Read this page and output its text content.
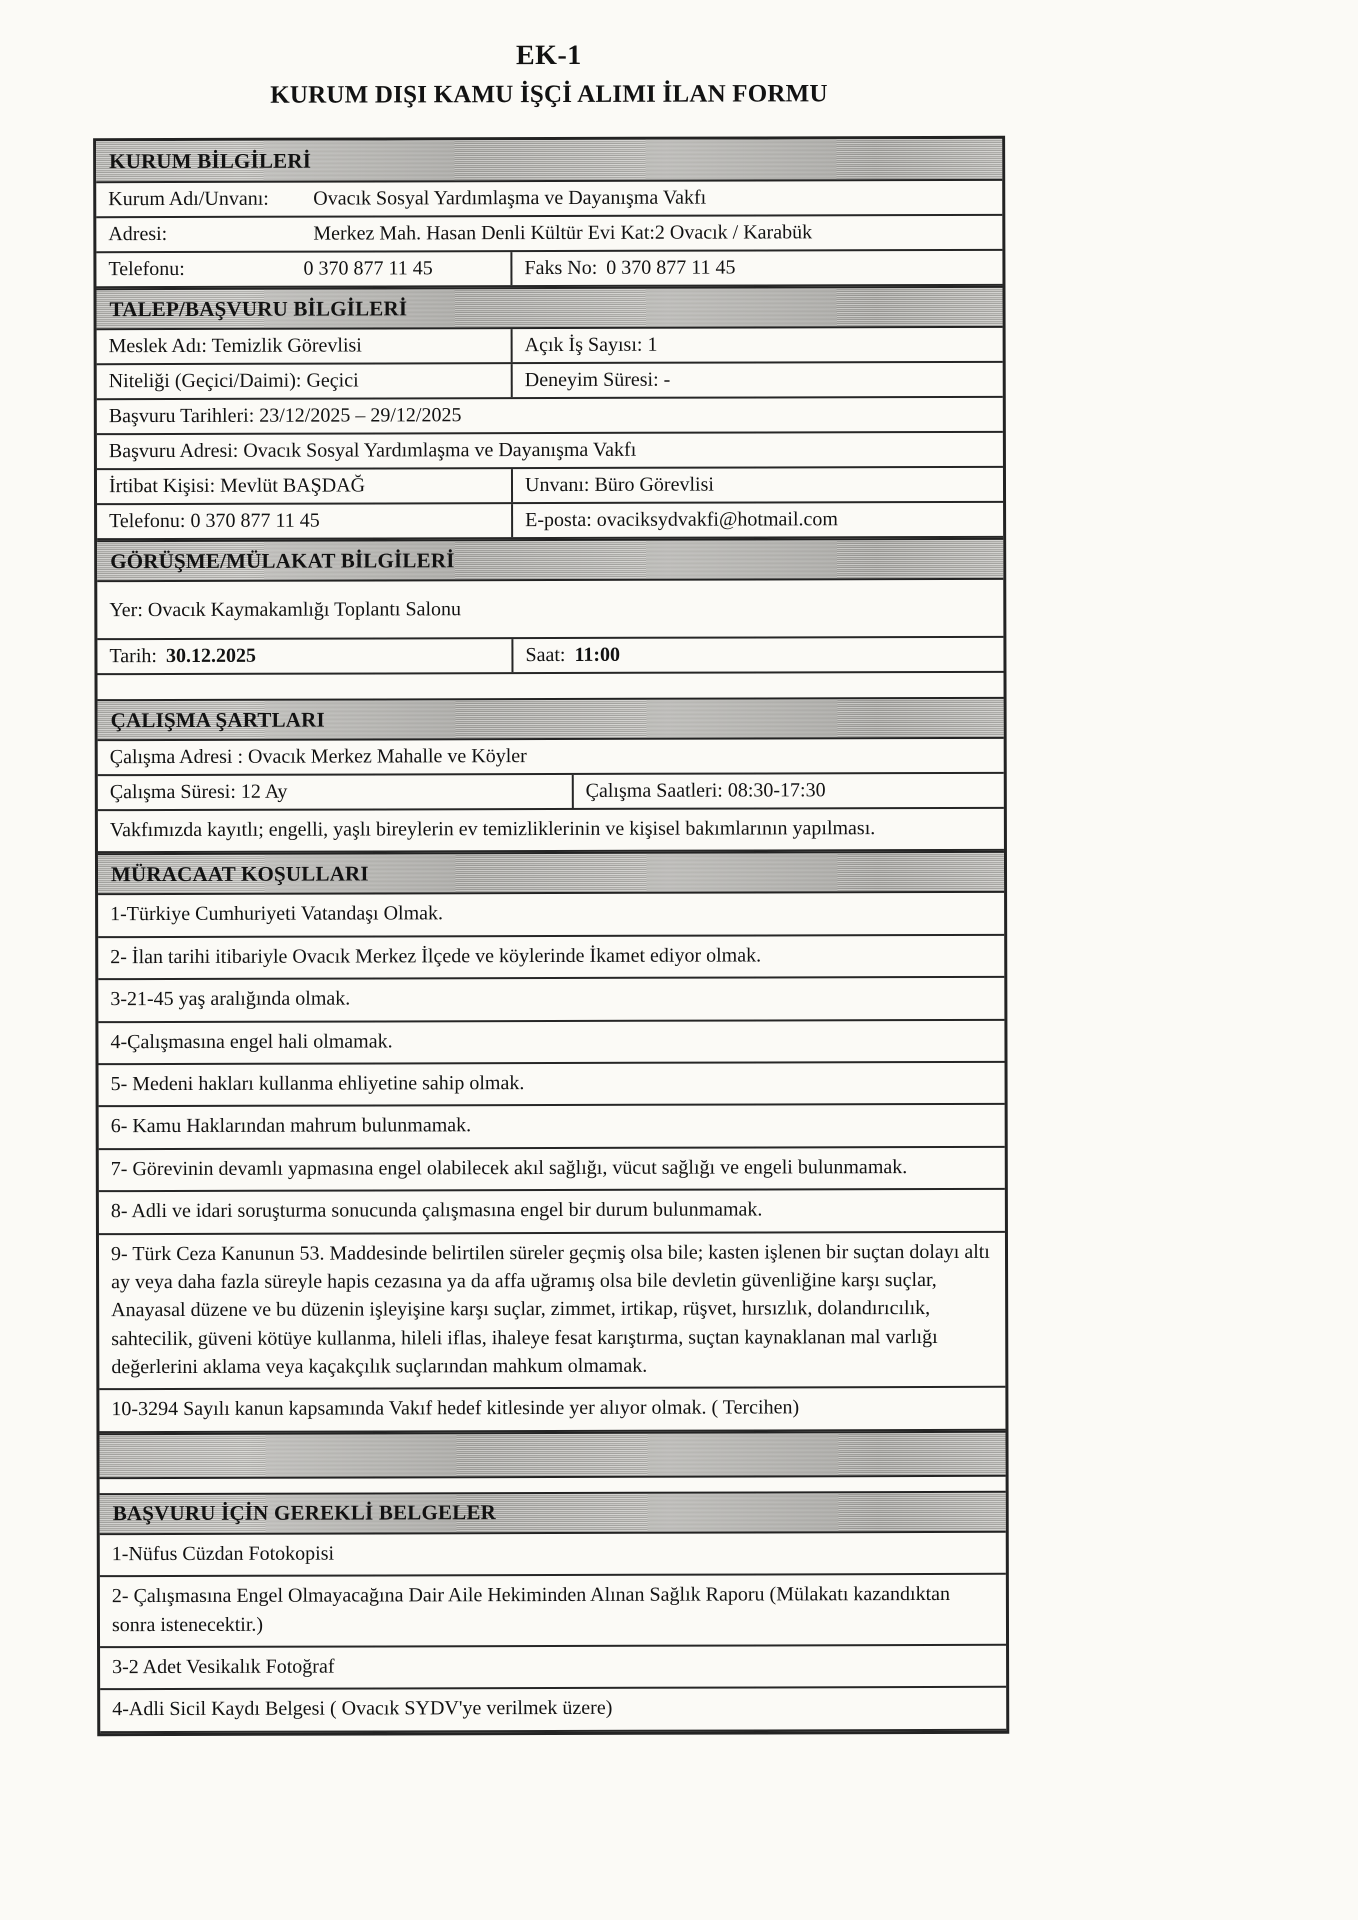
EK-1
KURUM DIŞI KAMU İŞÇİ ALIMI İLAN FORMU
KURUM BİLGİLERİ
Kurum Adı/Unvanı:	Ovacık Sosyal Yardımlaşma ve Dayanışma Vakfı
Adresi:	Merkez Mah. Hasan Denli Kültür Evi Kat:2 Ovacık / Karabük
Telefonu:	0 370 877 11 45	Faks No: 0 370 877 11 45
TALEP/BAŞVURU BİLGİLERİ
Meslek Adı: Temizlik Görevlisi	Açık İş Sayısı: 1
Niteliği (Geçici/Daimi): Geçici	Deneyim Süresi: -
Başvuru Tarihleri: 23/12/2025 – 29/12/2025
Başvuru Adresi: Ovacık Sosyal Yardımlaşma ve Dayanışma Vakfı
İrtibat Kişisi: Mevlüt BAŞDAĞ	Unvanı: Büro Görevlisi
Telefonu: 0 370 877 11 45	E-posta: ovaciksydvakfi@hotmail.com
GÖRÜŞME/MÜLAKAT BİLGİLERİ
Yer: Ovacık Kaymakamlığı Toplantı Salonu
Tarih: 30.12.2025	Saat: 11:00
ÇALIŞMA ŞARTLARI
Çalışma Adresi : Ovacık Merkez Mahalle ve Köyler
Çalışma Süresi: 12 Ay	Çalışma Saatleri: 08:30-17:30
Vakfımızda kayıtlı; engelli, yaşlı bireylerin ev temizliklerinin ve kişisel bakımlarının yapılması.
MÜRACAAT KOŞULLARI
1-Türkiye Cumhuriyeti Vatandaşı Olmak.
2- İlan tarihi itibariyle Ovacık Merkez İlçede ve köylerinde İkamet ediyor olmak.
3-21-45 yaş aralığında olmak.
4-Çalışmasına engel hali olmamak.
5- Medeni hakları kullanma ehliyetine sahip olmak.
6- Kamu Haklarından mahrum bulunmamak.
7- Görevinin devamlı yapmasına engel olabilecek akıl sağlığı, vücut sağlığı ve engeli bulunmamak.
8- Adli ve idari soruşturma sonucunda çalışmasına engel bir durum bulunmamak.
9- Türk Ceza Kanunun 53. Maddesinde belirtilen süreler geçmiş olsa bile; kasten işlenen bir suçtan dolayı altı ay veya daha fazla süreyle hapis cezasına ya da affa uğramış olsa bile devletin güvenliğine karşı suçlar, Anayasal düzene ve bu düzenin işleyişine karşı suçlar, zimmet, irtikap, rüşvet, hırsızlık, dolandırıcılık, sahtecilik, güveni kötüye kullanma, hileli iflas, ihaleye fesat karıştırma, suçtan kaynaklanan mal varlığı değerlerini aklama veya kaçakçılık suçlarından mahkum olmamak.
10-3294 Sayılı kanun kapsamında Vakıf hedef kitlesinde yer alıyor olmak. ( Tercihen)
BAŞVURU İÇİN GEREKLİ BELGELER
1-Nüfus Cüzdan Fotokopisi
2- Çalışmasına Engel Olmayacağına Dair Aile Hekiminden Alınan Sağlık Raporu (Mülakatı kazandıktan sonra istenecektir.)
3-2 Adet Vesikalık Fotoğraf
4-Adli Sicil Kaydı Belgesi ( Ovacık SYDV'ye verilmek üzere)
